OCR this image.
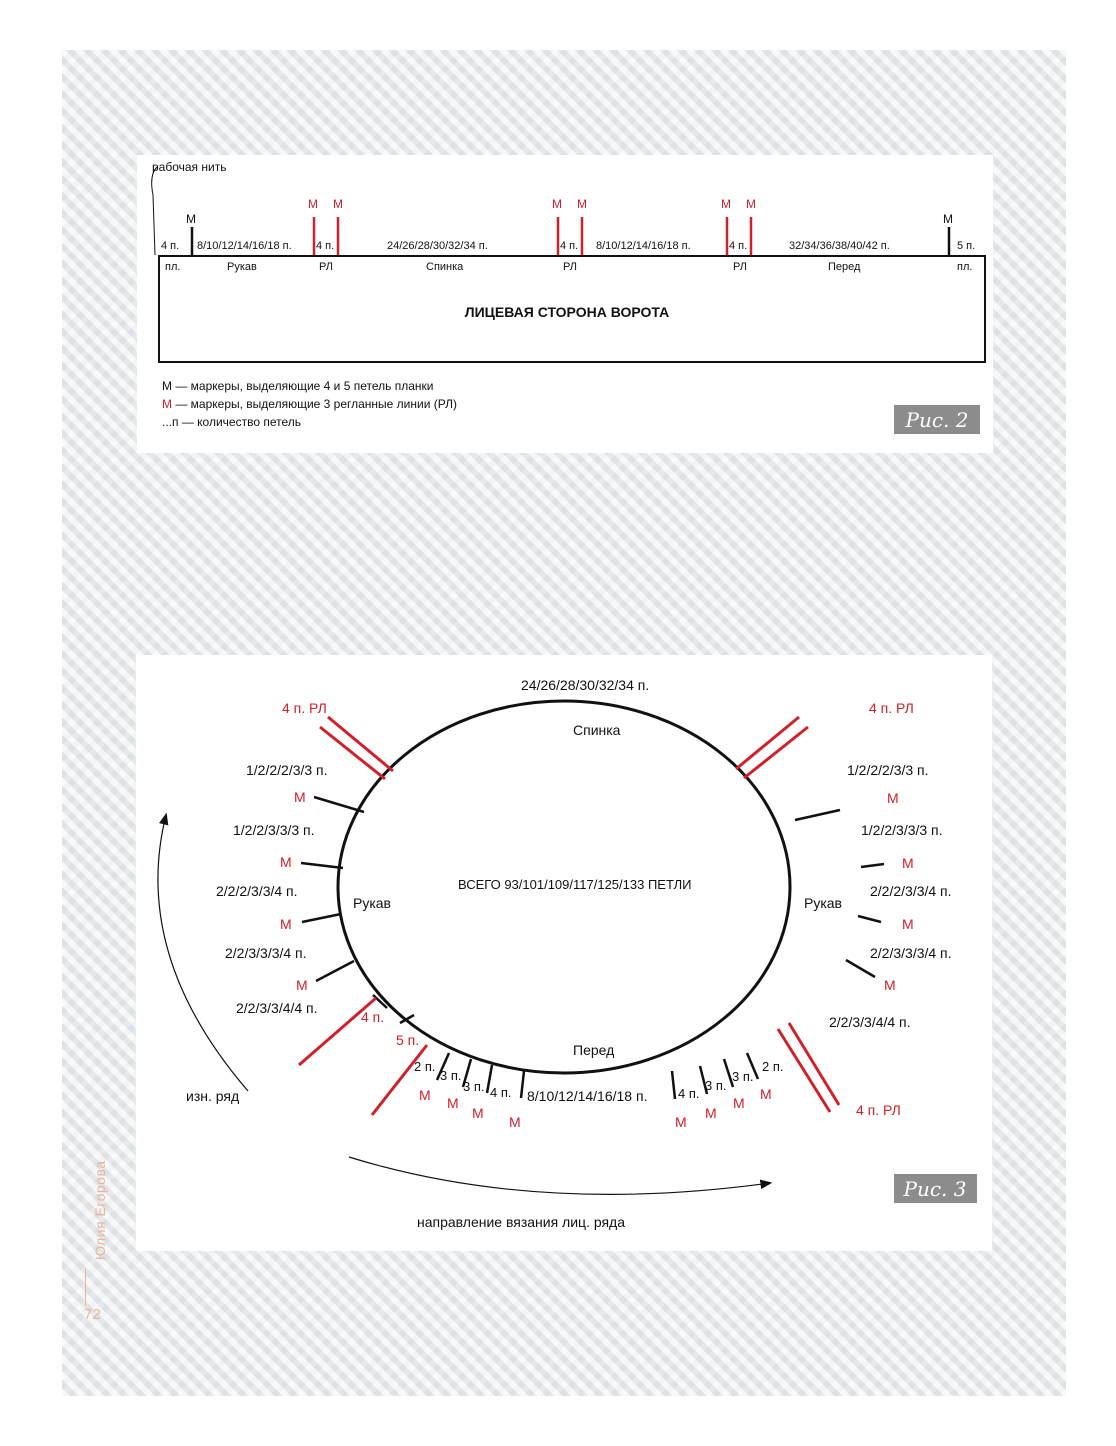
рабочая нить
М
М М	М М	М М
М
4 п. 8/10/12/14/16/18 п. 4 п.	24/26/28/30/32/34 п.	4 п. 8/10/12/14/16/18 п.	4 п.	32/34/36/38/40/42 п.	5 п.
пл.	Рукав	РЛ	Спинка	РЛ	РЛ	Перед	пл.
ЛИЦЕВАЯ СТОРОНА ВОРОТА
М — маркеры, выделяющие 4 и 5 петель планки
М — маркеры, выделяющие 3 регланные линии (РЛ)
...п — количество петель	Рис. 2
24/26/28/30/32/34 п.
Спинка
ВСЕГО 93/101/109/117/125/133 ПЕТЛИ
Рукав	Рукав
Перед
4 п. РЛ	4 п. РЛ
4 п. РЛ
1/2/2/2/3/3 п.
М
1/2/2/3/3/3 п.
М
2/2/2/3/3/4 п.
М
2/2/3/3/3/4 п.
М
2/2/3/3/4/4 п.
4 п.
5 п.
1/2/2/2/3/3 п.
М
1/2/2/3/3/3 п.
М
2/2/2/3/3/4 п.
М
2/2/3/3/3/4 п.
М
2/2/3/3/4/4 п.
2 п.
3 п.
3 п. 4 п.
М М
М
М
8/10/12/14/16/18 п. 4 п.
3 п.
3 п.
2 п.
М
М
М
М
изн. ряд
направление вязания лиц. ряда
Рис. 3
Юлия Егорова
72
